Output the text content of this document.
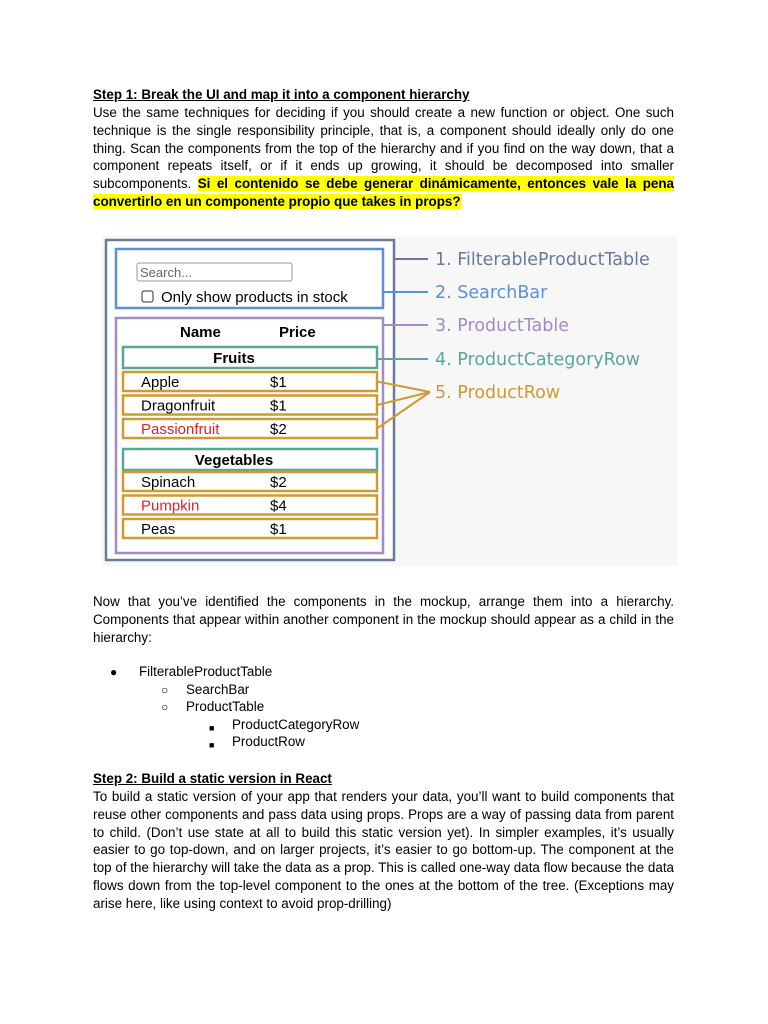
Step 1: Break the UI and map it into a component hierarchy

Use the same techniques for deciding if you should create a new function or object. One such technique is the single responsibility principle, that is, a component should ideally only do one thing. Scan the components from the top of the hierarchy and if you find on the way down, that a component repeats itself, or if it ends up growing, it should be decomposed into smaller subcomponents. Si el contenido se debe generar dinámicamente, entonces vale la pena convertirlo en un componente propio que takes in props?

Search...
Only show products in stock
Name	Price
Fruits
Apple	$1
Dragonfruit	$1
Passionfruit	$2
Vegetables
Spinach	$2
Pumpkin	$4
Peas	$1
1. FilterableProductTable
2. SearchBar
3. ProductTable
4. ProductCategoryRow
5. ProductRow

Now that you’ve identified the components in the mockup, arrange them into a hierarchy. Components that appear within another component in the mockup should appear as a child in the hierarchy:

● FilterableProductTable
○ SearchBar
○ ProductTable
■ ProductCategoryRow
■ ProductRow

Step 2: Build a static version in React

To build a static version of your app that renders your data, you’ll want to build components that reuse other components and pass data using props. Props are a way of passing data from parent to child. (Don’t use state at all to build this static version yet). In simpler examples, it’s usually easier to go top-down, and on larger projects, it’s easier to go bottom-up. The component at the top of the hierarchy will take the data as a prop. This is called one-way data flow because the data flows down from the top-level component to the ones at the bottom of the tree. (Exceptions may arise here, like using context to avoid prop-drilling)
